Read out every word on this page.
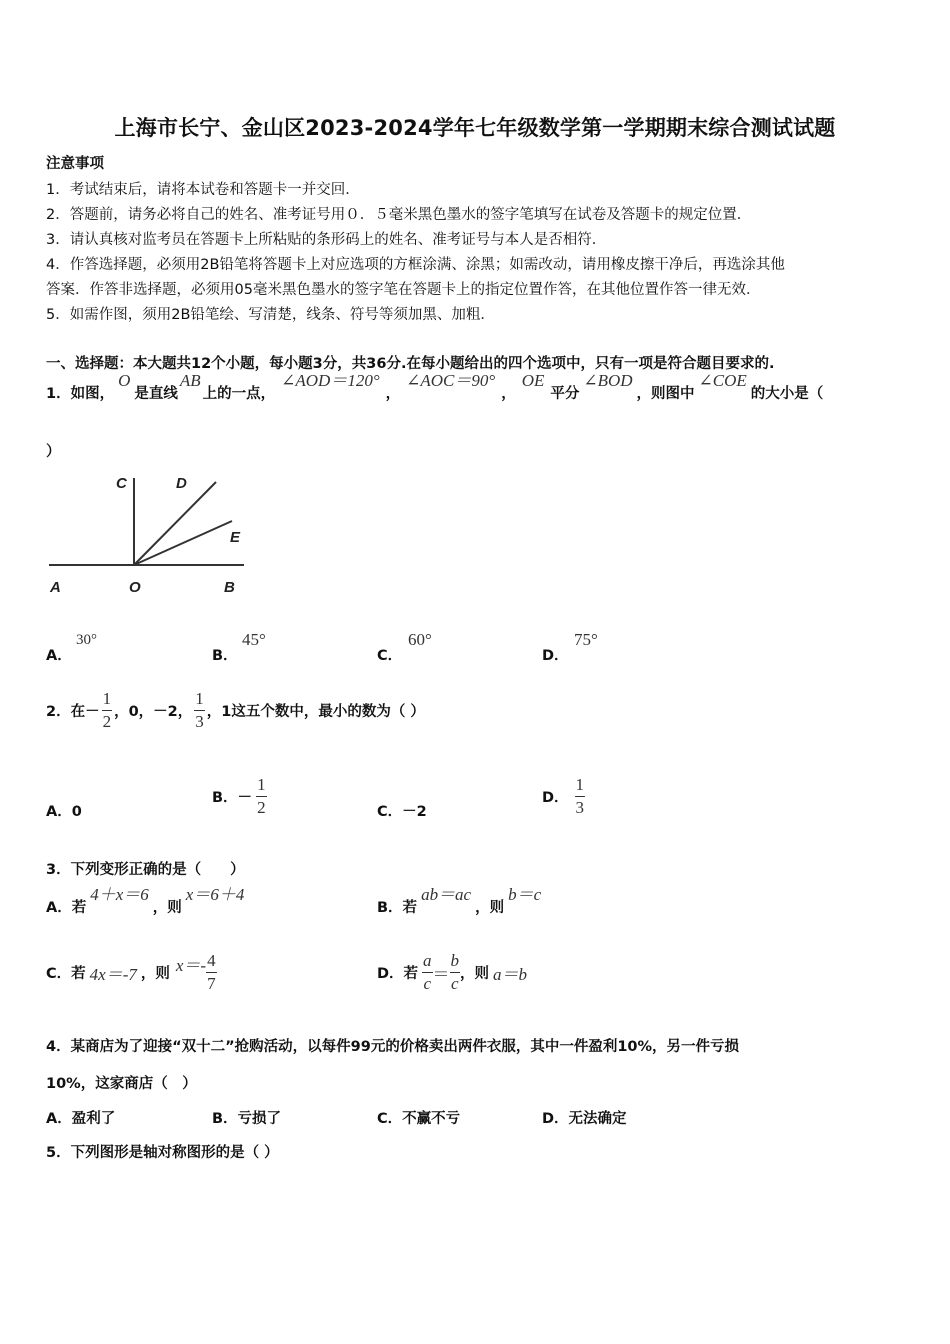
上海市长宁、金山区2023-2024学年七年级数学第一学期期末综合测试试题
注意事项
1．考试结束后，请将本试卷和答题卡一并交回．
2．答题前，请务必将自己的姓名、准考证号用０．５毫米黑色墨水的签字笔填写在试卷及答题卡的规定位置．
3．请认真核对监考员在答题卡上所粘贴的条形码上的姓名、准考证号与本人是否相符．
4．作答选择题，必须用2B铅笔将答题卡上对应选项的方框涂满、涂黑；如需改动，请用橡皮擦干净后，再选涂其他
答案．作答非选择题，必须用05毫米黑色墨水的签字笔在答题卡上的指定位置作答，在其他位置作答一律无效．
5．如需作图，须用2B铅笔绘、写清楚，线条、符号等须加黑、加粗．
一、选择题：本大题共12个小题，每小题3分，共36分.在每小题给出的四个选项中，只有一项是符合题目要求的.
1．如图，O是直线AB上的一点，∠AOD＝120°，∠AOC＝90°，OE平分∠BOD，则图中∠COE的大小是（
）
C	D
E
A	O	B
A．
30°
B．
45°
C．
60°
D．
75°
2．在－ $\frac{1}{2}$ ，0，－2， $\frac{1}{3}$ ，1这五个数中，最小的数为（ ）
A．0
B．－ $\frac{1}{2}$	C．－2
D． $\frac{1}{3}$
3．下列变形正确的是（　　）
A．若4＋x＝6，则x＝6＋4
B．若ab＝ac，则b＝c
C．若 4x＝-7 ，则 $x=- \frac{4}{7}$	D．若 $\frac{a}{c} = \frac{b}{c}$ ，则 a＝b
4．某商店为了迎接“双十二”抢购活动，以每件99元的价格卖出两件衣服，其中一件盈利10%，另一件亏损
10%，这家商店（　）
A．盈利了	B．亏损了	C．不赢不亏	D．无法确定
5．下列图形是轴对称图形的是（ ）
